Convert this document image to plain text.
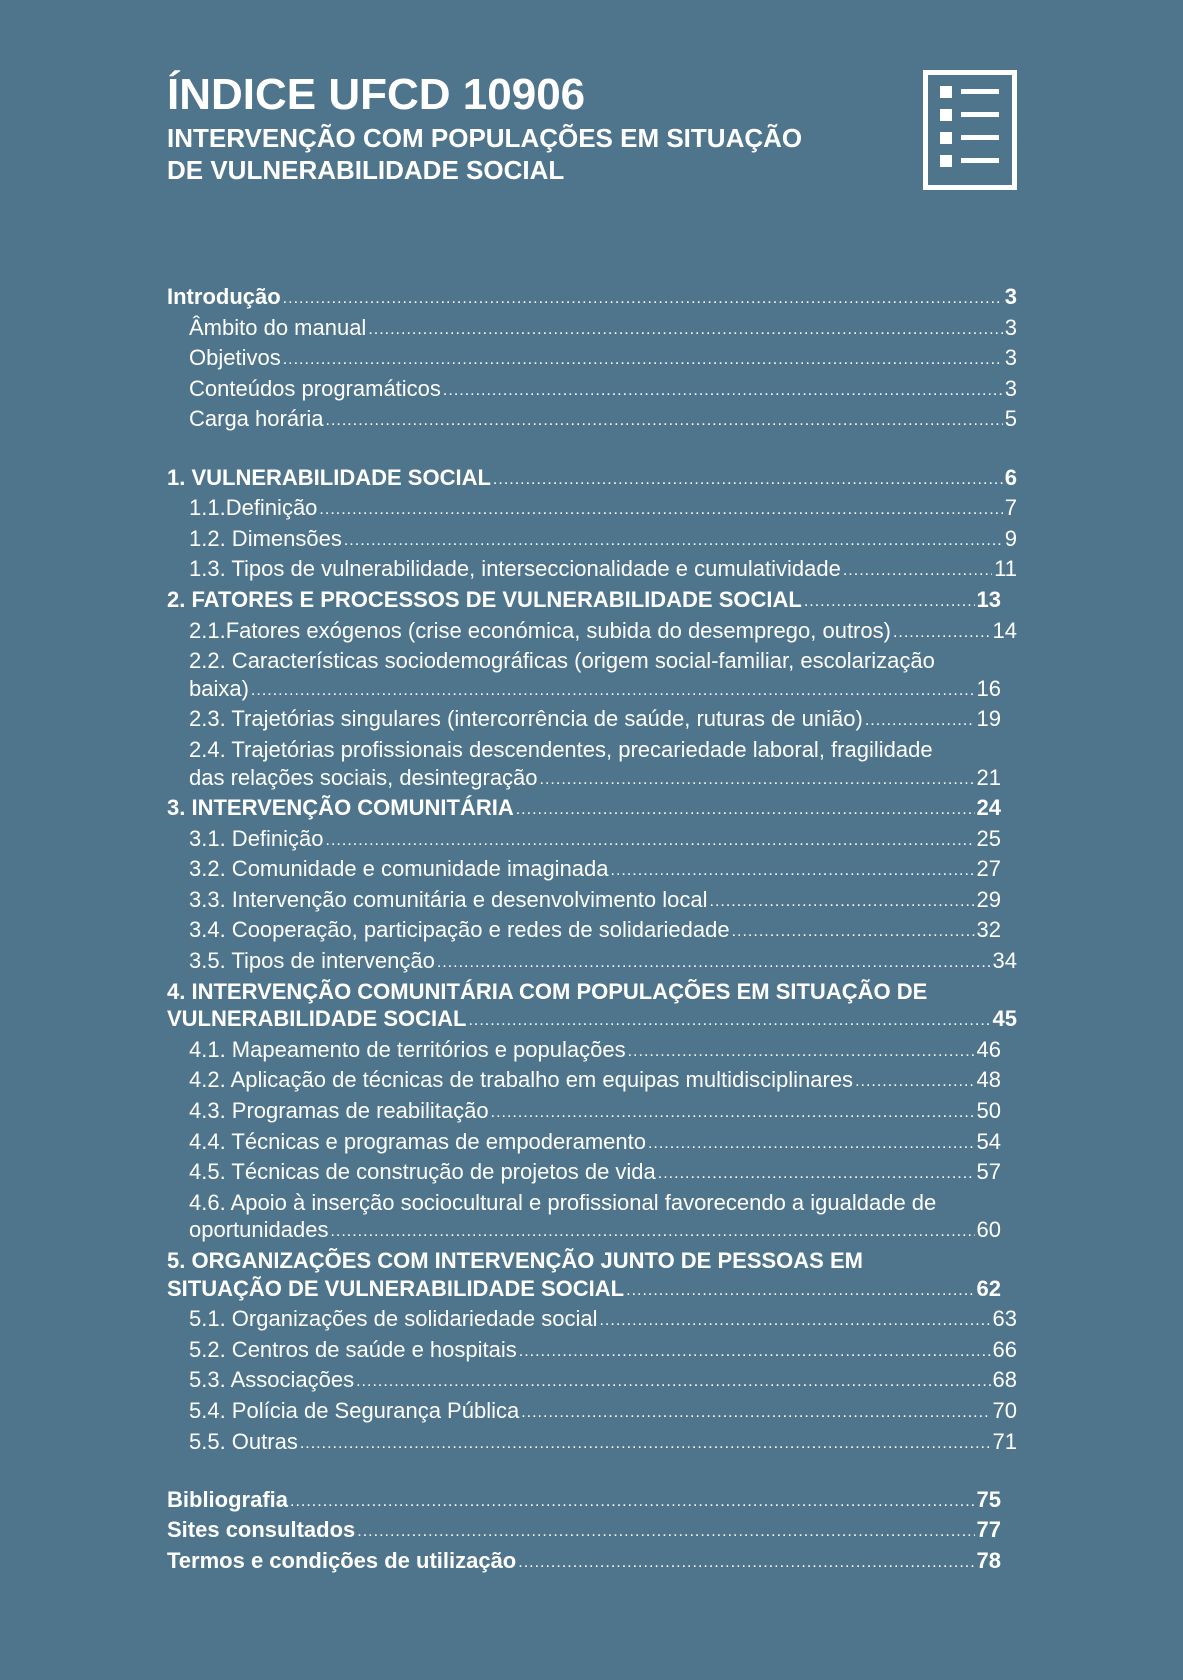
ÍNDICE UFCD 10906
INTERVENÇÃO COM POPULAÇÕES EM SITUAÇÃO
DE VULNERABILIDADE SOCIAL
Introdução .....	3
Âmbito do manual .....	3
Objetivos .....	3
Conteúdos programáticos .....	3
Carga horária .....	5
1. VULNERABILIDADE SOCIAL .....	6
1.1.Definição .....	7
1.2. Dimensões .....	9
1.3. Tipos de vulnerabilidade, interseccionalidade e cumulatividade .....	11
2. FATORES E PROCESSOS DE VULNERABILIDADE SOCIAL .....	13
2.1.Fatores exógenos (crise económica, subida do desemprego, outros) .....	14
2.2. Características sociodemográficas (origem social-familiar, escolarização
baixa) .....	16
2.3. Trajetórias singulares (intercorrência de saúde, ruturas de união) .....	19
2.4. Trajetórias profissionais descendentes, precariedade laboral, fragilidade
das relações sociais, desintegração .....	21
3. INTERVENÇÃO COMUNITÁRIA .....	24
3.1. Definição .....	25
3.2. Comunidade e comunidade imaginada .....	27
3.3. Intervenção comunitária e desenvolvimento local .....	29
3.4. Cooperação, participação e redes de solidariedade .....	32
3.5. Tipos de intervenção .....	34
4. INTERVENÇÃO COMUNITÁRIA COM POPULAÇÕES EM SITUAÇÃO DE
VULNERABILIDADE SOCIAL .....	45
4.1. Mapeamento de territórios e populações .....	46
4.2. Aplicação de técnicas de trabalho em equipas multidisciplinares .....	48
4.3. Programas de reabilitação .....	50
4.4. Técnicas e programas de empoderamento .....	54
4.5. Técnicas de construção de projetos de vida .....	57
4.6. Apoio à inserção sociocultural e profissional favorecendo a igualdade de
oportunidades .....	60
5. ORGANIZAÇÕES COM INTERVENÇÃO JUNTO DE PESSOAS EM
SITUAÇÃO DE VULNERABILIDADE SOCIAL .....	62
5.1. Organizações de solidariedade social .....	63
5.2. Centros de saúde e hospitais .....	66
5.3. Associações .....	68
5.4. Polícia de Segurança Pública .....	70
5.5. Outras .....	71
Bibliografia .....	75
Sites consultados .....	77
Termos e condições de utilização .....	78
